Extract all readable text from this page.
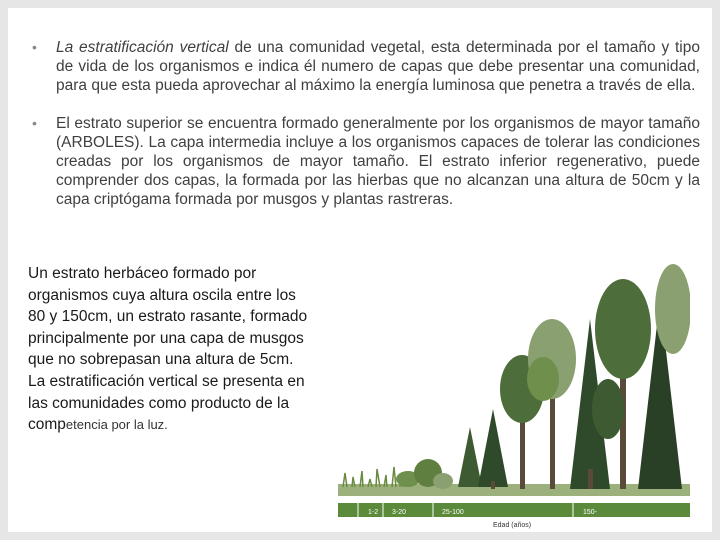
• La estratificación vertical de una comunidad vegetal, esta determinada por el tamaño y tipo de vida de los organismos e indica él numero de capas que debe presentar una comunidad, para que esta pueda aprovechar al máximo la energía luminosa que penetra a través de ella.
• El estrato superior se encuentra formado generalmente por los organismos de mayor tamaño (ARBOLES). La capa intermedia incluye a los organismos capaces de tolerar las condiciones creadas por los organismos de mayor tamaño. El estrato inferior regenerativo, puede comprender dos capas, la formada por las hierbas que no alcanzan una altura de 50cm y la capa criptógama formada por musgos y plantas rastreras.
Un estrato herbáceo formado por organismos cuya altura oscila entre los 80 y 150cm, un estrato rasante, formado principalmente por una capa de musgos que no sobrepasan una altura de 5cm. La estratificación vertical se presenta en las comunidades como producto de la competencia por la luz.
1-2 3-20	25-100	150-
Edad (años)
